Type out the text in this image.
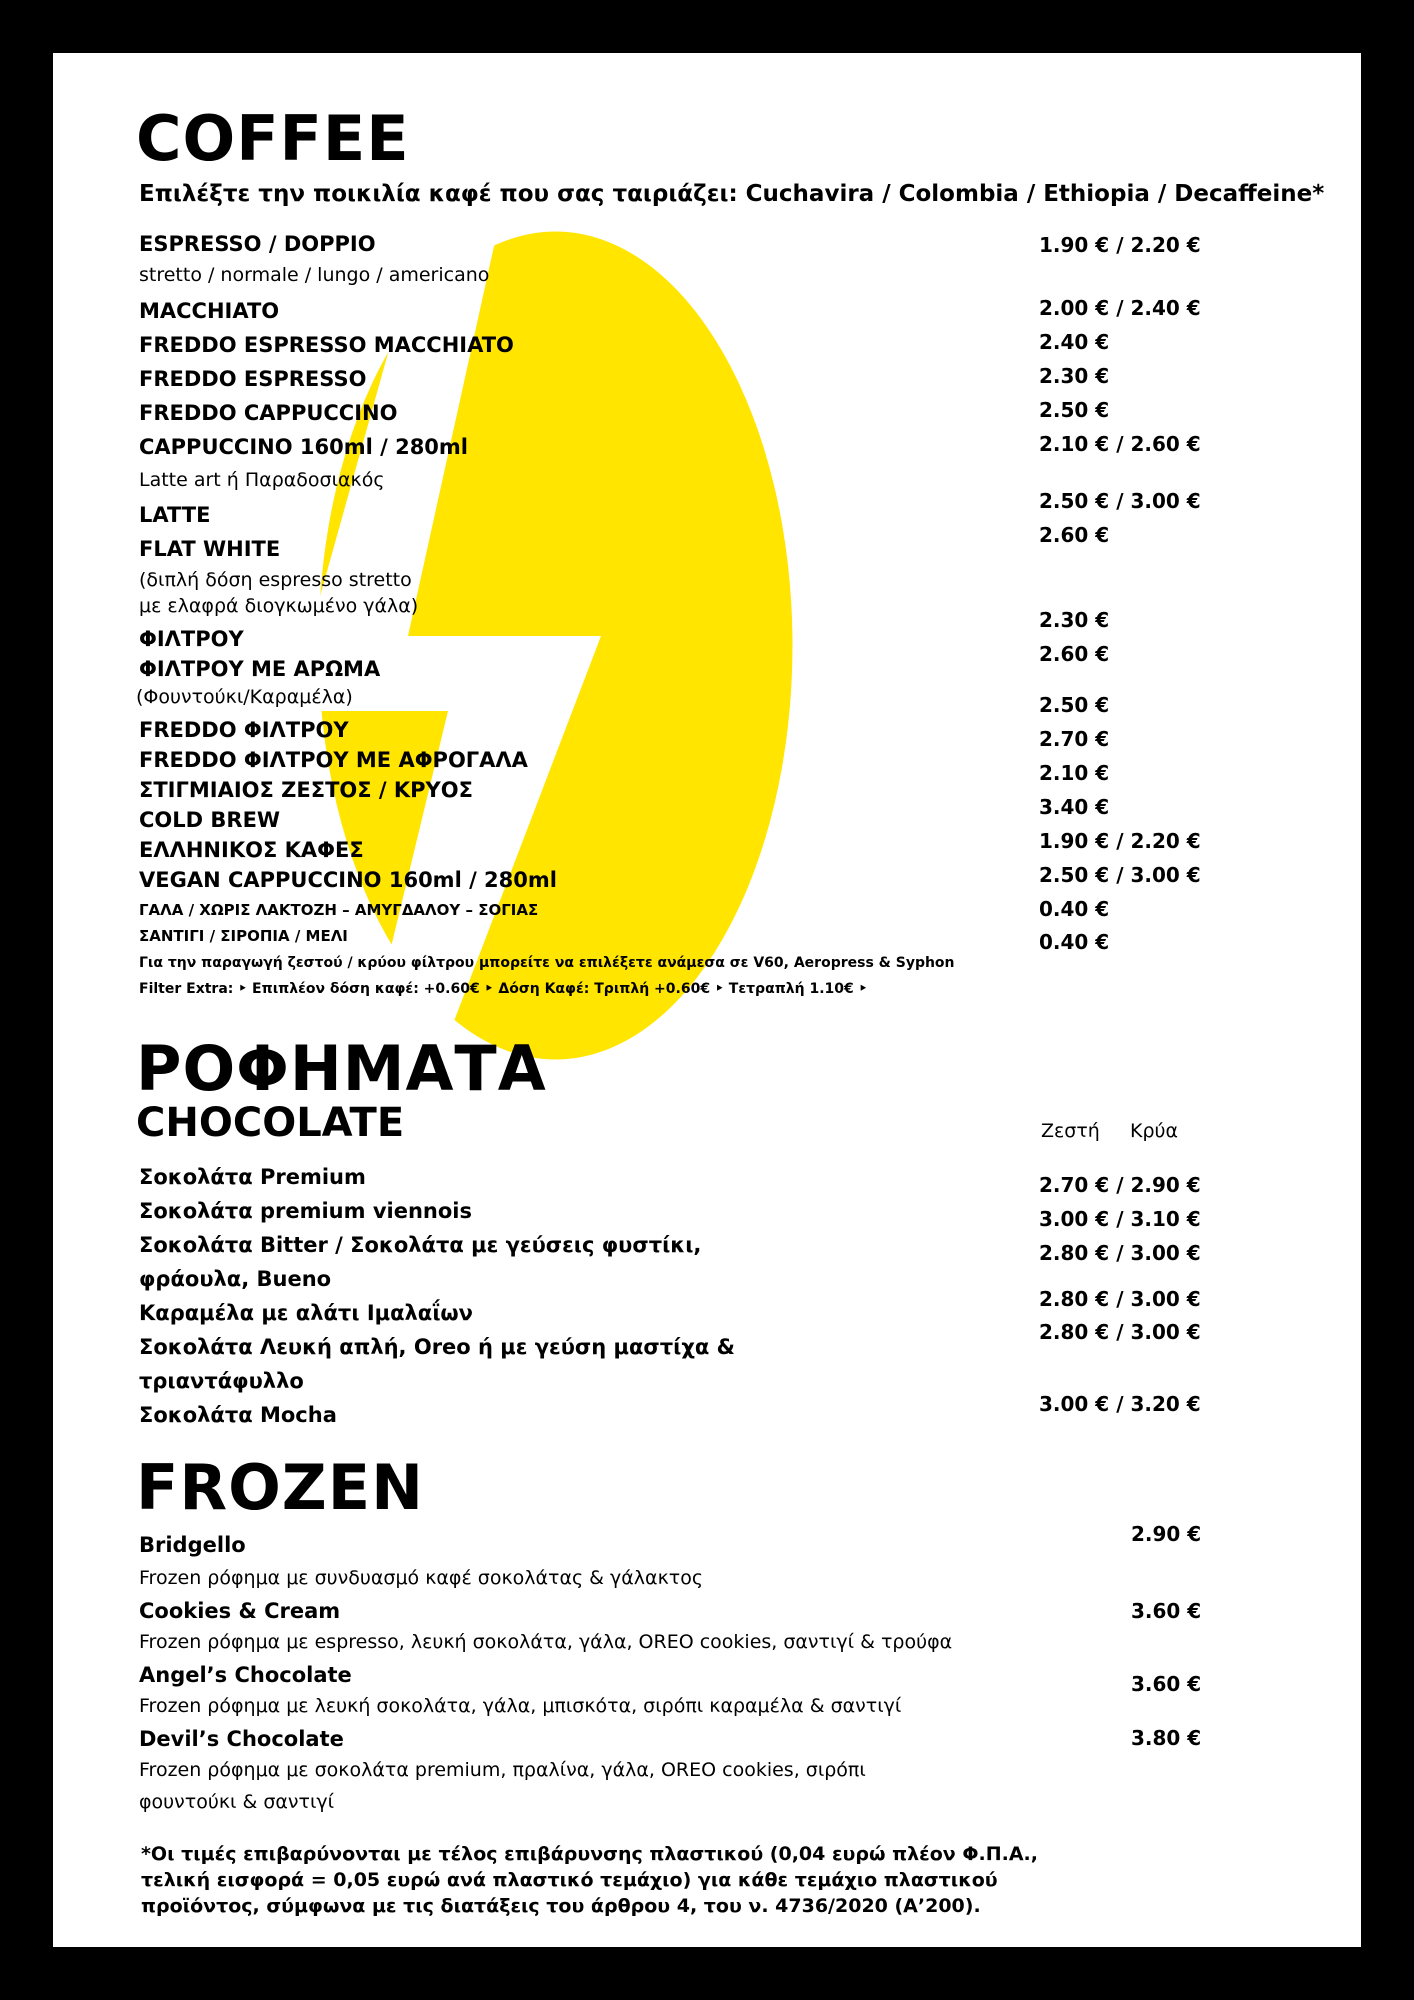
COFFEE
Επιλέξτε την ποικιλία καφέ που σας ταιριάζει: Cuchavira / Colombia / Ethiopia / Decaffeine*
ESPRESSO / DOPPIO
stretto / normale / lungo / americano
MACCHIATO
FREDDO ESPRESSO MACCHIATO
FREDDO ESPRESSO
FREDDO CAPPUCCINO
CAPPUCCINO 160ml / 280ml
Latte art ή Παραδοσιακός
LATTE
FLAT WHITE
(διπλή δόση espresso stretto
με ελαφρά διογκωμένο γάλα)
ΦΙΛΤΡΟΥ
ΦΙΛΤΡΟΥ ΜΕ ΑΡΩΜΑ
(Φουντούκι/Καραμέλα)
FREDDO ΦΙΛΤΡΟΥ
FREDDO ΦΙΛΤΡΟΥ ΜΕ ΑΦΡΟΓΑΛΑ
ΣΤΙΓΜΙΑΙΟΣ ΖΕΣΤΟΣ / ΚΡΥΟΣ
COLD BREW
ΕΛΛΗΝΙΚΟΣ ΚΑΦΕΣ
VEGAN CAPPUCCINO 160ml / 280ml
ΓΑΛΑ / ΧΩΡΙΣ ΛΑΚΤΟΖΗ – ΑΜΥΓΔΑΛΟΥ – ΣΟΓΙΑΣ
ΣΑΝΤΙΓΙ / ΣΙΡΟΠΙΑ / ΜΕΛΙ
Για την παραγωγή ζεστού / κρύου φίλτρου μπορείτε να επιλέξετε ανάμεσα σε V60, Aeropress & Syphon
Filter Extra: ‣ Επιπλέον δόση καφέ: +0.60€ ‣ Δόση Καφέ: Τριπλή +0.60€ ‣ Τετραπλή 1.10€ ‣
1.90 € / 2.20 €
2.00 € / 2.40 €
2.40 €
2.30 €
2.50 €
2.10 € / 2.60 €
2.50 € / 3.00 €
2.60 €
2.30 €
2.60 €
2.50 €
2.70 €
2.10 €
3.40 €
1.90 € / 2.20 €
2.50 € / 3.00 €
0.40 €
0.40 €
ΡΟΦΗΜΑΤΑ
CHOCOLATE	Ζεστή Κρύα
Σοκολάτα Premium
Σοκολάτα premium viennois
Σοκολάτα Bitter / Σοκολάτα με γεύσεις φυστίκι,
φράουλα, Bueno
Καραμέλα με αλάτι Ιμαλαΐων
Σοκολάτα Λευκή απλή, Oreo ή με γεύση μαστίχα &
τριαντάφυλλο
Σοκολάτα Mocha
2.70 € / 2.90 €
3.00 € / 3.10 €
2.80 € / 3.00 €
2.80 € / 3.00 €
2.80 € / 3.00 €
3.00 € / 3.20 €
FROZEN
Bridgello
Frozen ρόφημα με συνδυασμό καφέ σοκολάτας & γάλακτος
Cookies & Cream
Frozen ρόφημα με espresso, λευκή σοκολάτα, γάλα, OREO cookies, σαντιγί & τρούφα
Angel’s Chocolate
Frozen ρόφημα με λευκή σοκολάτα, γάλα, μπισκότα, σιρόπι καραμέλα & σαντιγί
Devil’s Chocolate
Frozen ρόφημα με σοκολάτα premium, πραλίνα, γάλα, OREO cookies, σιρόπι
φουντούκι & σαντιγί
2.90 €
3.60 €
3.60 €
3.80 €
*Οι τιμές επιβαρύνονται με τέλος επιβάρυνσης πλαστικού (0,04 ευρώ πλέον Φ.Π.Α.,
τελική εισφορά = 0,05 ευρώ ανά πλαστικό τεμάχιο) για κάθε τεμάχιο πλαστικού
προϊόντος, σύμφωνα με τις διατάξεις του άρθρου 4, του ν. 4736/2020 (Α’200).
